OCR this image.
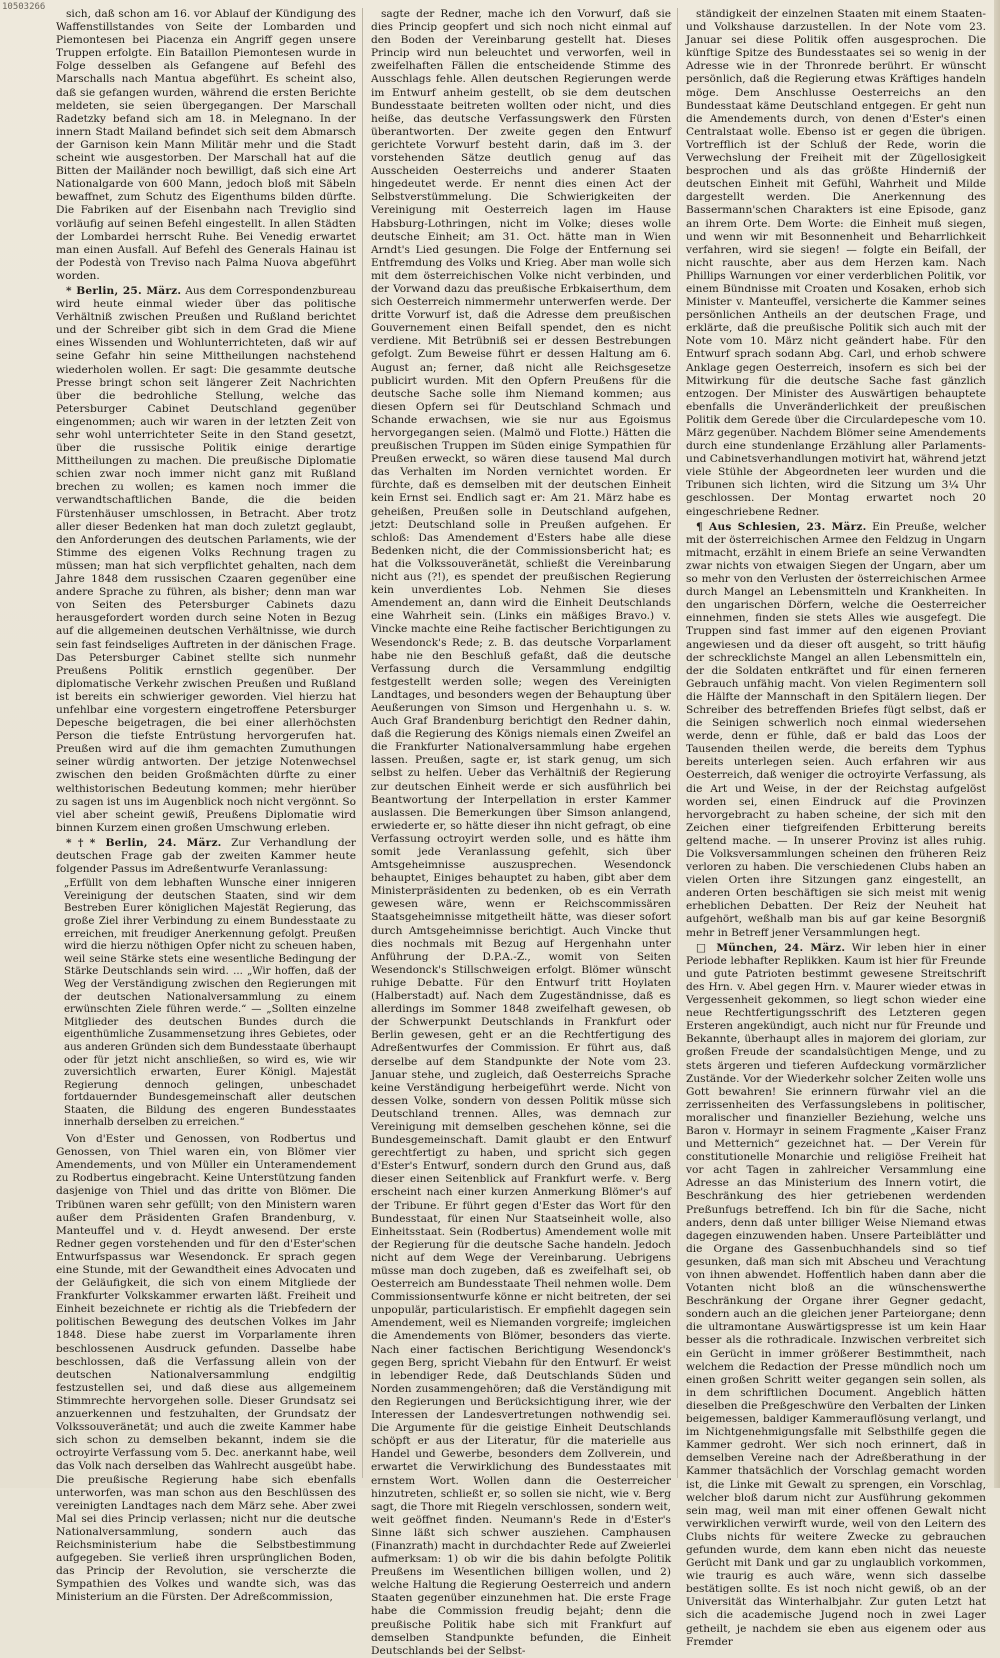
10503266

sich, daß schon am 16. vor Ablauf der Kündigung des Waffenstillstandes von Seite der Lombarden und Piemontesen bei Piacenza ein Angriff gegen unsere Truppen erfolgte. Ein Bataillon Piemontesen wurde in Folge desselben als Gefangene auf Befehl des Marschalls nach Mantua abgeführt. Es scheint also, daß sie gefangen wurden, während die ersten Berichte meldeten, sie seien übergegangen. Der Marschall Radetzky befand sich am 18. in Melegnano. In der innern Stadt Mailand befindet sich seit dem Abmarsch der Garnison kein Mann Militär mehr und die Stadt scheint wie ausgestorben. Der Marschall hat auf die Bitten der Mailänder noch bewilligt, daß sich eine Art Nationalgarde von 600 Mann, jedoch bloß mit Säbeln bewaffnet, zum Schutz des Eigenthums bilden dürfte. Die Fabriken auf der Eisenbahn nach Treviglio sind vorläufig auf seinen Befehl eingestellt. In allen Städten der Lombardei herrscht Ruhe. Bei Venedig erwartet man einen Ausfall. Auf Befehl des Generals Hainau ist der Podestà von Treviso nach Palma Nuova abgeführt worden.

* Berlin, 25. März. Aus dem Correspondenzbureau wird heute einmal wieder über das politische Verhältniß zwischen Preußen und Rußland berichtet und der Schreiber gibt sich in dem Grad die Miene eines Wissenden und Wohlunterrichteten, daß wir auf seine Gefahr hin seine Mittheilungen nachstehend wiederholen wollen. Er sagt: Die gesammte deutsche Presse bringt schon seit längerer Zeit Nachrichten über die bedrohliche Stellung, welche das Petersburger Cabinet Deutschland gegenüber eingenommen; auch wir waren in der letzten Zeit von sehr wohl unterrichteter Seite in den Stand gesetzt, über die russische Politik einige derartige Mittheilungen zu machen. Die preußische Diplomatie schien zwar noch immer nicht ganz mit Rußland brechen zu wollen; es kamen noch immer die verwandtschaftlichen Bande, die die beiden Fürstenhäuser umschlossen, in Betracht. Aber trotz aller dieser Bedenken hat man doch zuletzt geglaubt, den Anforderungen des deutschen Parlaments, wie der Stimme des eigenen Volks Rechnung tragen zu müssen; man hat sich verpflichtet gehalten, nach dem Jahre 1848 dem russischen Czaaren gegenüber eine andere Sprache zu führen, als bisher; denn man war von Seiten des Petersburger Cabinets dazu herausgefordert worden durch seine Noten in Bezug auf die allgemeinen deutschen Verhältnisse, wie durch sein fast feindseliges Auftreten in der dänischen Frage. Das Petersburger Cabinet stellte sich nunmehr Preußens Politik ernstlich gegenüber. Der diplomatische Verkehr zwischen Preußen und Rußland ist bereits ein schwieriger geworden. Viel hierzu hat unfehlbar eine vorgestern eingetroffene Petersburger Depesche beigetragen, die bei einer allerhöchsten Person die tiefste Entrüstung hervorgerufen hat. Preußen wird auf die ihm gemachten Zumuthungen seiner würdig antworten. Der jetzige Notenwechsel zwischen den beiden Großmächten dürfte zu einer welthistorischen Bedeutung kommen; mehr hierüber zu sagen ist uns im Augenblick noch nicht vergönnt. So viel aber scheint gewiß, Preußens Diplomatie wird binnen Kurzem einen großen Umschwung erleben.

*†* Berlin, 24. März. Zur Verhandlung der deutschen Frage gab der zweiten Kammer heute folgender Passus im Adreßentwurfe Veranlassung:

„Erfüllt von dem lebhaften Wunsche einer innigeren Vereinigung der deutschen Staaten, sind wir dem Bestreben Eurer königlichen Majestät Regierung, das große Ziel ihrer Verbindung zu einem Bundesstaate zu erreichen, mit freudiger Anerkennung gefolgt. Preußen wird die hierzu nöthigen Opfer nicht zu scheuen haben, weil seine Stärke stets eine wesentliche Bedingung der Stärke Deutschlands sein wird. ... „Wir hoffen, daß der Weg der Verständigung zwischen den Regierungen mit der deutschen Nationalversammlung zu einem erwünschten Ziele führen werde.“ — „Sollten einzelne Mitglieder des deutschen Bundes durch die eigenthümliche Zusammensetzung ihres Gebietes, oder aus anderen Gründen sich dem Bundesstaate überhaupt oder für jetzt nicht anschließen, so wird es, wie wir zuversichtlich erwarten, Eurer Königl. Majestät Regierung dennoch gelingen, unbeschadet fortdauernder Bundesgemeinschaft aller deutschen Staaten, die Bildung des engeren Bundesstaates innerhalb derselben zu erreichen.“

Von d'Ester und Genossen, von Rodbertus und Genossen, von Thiel waren ein, von Blömer vier Amendements, und von Müller ein Unteramendement zu Rodbertus eingebracht. Keine Unterstützung fanden dasjenige von Thiel und das dritte von Blömer. Die Tribünen waren sehr gefüllt; von den Ministern waren außer dem Präsidenten Grafen Brandenburg, v. Manteuffel und v. d. Heydt anwesend. Der erste Redner gegen vorstehenden und für den d'Ester'schen Entwurfspassus war Wesendonck. Er sprach gegen eine Stunde, mit der Gewandtheit eines Advocaten und der Geläufigkeit, die sich von einem Mitgliede der Frankfurter Volkskammer erwarten läßt. Freiheit und Einheit bezeichnete er richtig als die Triebfedern der politischen Bewegung des deutschen Volkes im Jahr 1848. Diese habe zuerst im Vorparlamente ihren beschlossenen Ausdruck gefunden. Dasselbe habe beschlossen, daß die Verfassung allein von der deutschen Nationalversammlung endgiltig festzustellen sei, und daß diese aus allgemeinem Stimmrechte hervorgehen solle. Dieser Grundsatz sei anzuerkennen und festzuhalten, der Grundsatz der Volkssouveränetät; und auch die zweite Kammer habe sich schon zu demselben bekannt, indem sie die octroyirte Verfassung vom 5. Dec. anerkannt habe, weil das Volk nach derselben das Wahlrecht ausgeübt habe. Die preußische Regierung habe sich ebenfalls unterworfen, was man schon aus den Beschlüssen des vereinigten Landtages nach dem März sehe. Aber zwei Mal sei dies Princip verlassen; nicht nur die deutsche Nationalversammlung, sondern auch das Reichsministerium habe die Selbstbestimmung aufgegeben. Sie verließ ihren ursprünglichen Boden, das Princip der Revolution, sie verscherzte die Sympathien des Volkes und wandte sich, was das Ministerium an die Fürsten. Der Adreßcommission,

sagte der Redner, mache ich den Vorwurf, daß sie dies Princip geopfert und sich noch nicht einmal auf den Boden der Vereinbarung gestellt hat. Dieses Princip wird nun beleuchtet und verworfen, weil in zweifelhaften Fällen die entscheidende Stimme des Ausschlags fehle. Allen deutschen Regierungen werde im Entwurf anheim gestellt, ob sie dem deutschen Bundesstaate beitreten wollten oder nicht, und dies heiße, das deutsche Verfassungswerk den Fürsten überantworten. Der zweite gegen den Entwurf gerichtete Vorwurf besteht darin, daß im 3. der vorstehenden Sätze deutlich genug auf das Ausscheiden Oesterreichs und anderer Staaten hingedeutet werde. Er nennt dies einen Act der Selbstverstümmelung. Die Schwierigkeiten der Vereinigung mit Oesterreich lagen im Hause Habsburg-Lothringen, nicht im Volke; dieses wolle deutsche Einheit; am 31. Oct. hätte man in Wien Arndt's Lied gesungen. Die Folge der Entfernung sei Entfremdung des Volks und Krieg. Aber man wolle sich mit dem österreichischen Volke nicht verbinden, und der Vorwand dazu das preußische Erbkaiserthum, dem sich Oesterreich nimmermehr unterwerfen werde. Der dritte Vorwurf ist, daß die Adresse dem preußischen Gouvernement einen Beifall spendet, den es nicht verdiene. Mit Betrübniß sei er dessen Bestrebungen gefolgt. Zum Beweise führt er dessen Haltung am 6. August an; ferner, daß nicht alle Reichsgesetze publicirt wurden. Mit den Opfern Preußens für die deutsche Sache solle ihm Niemand kommen; aus diesen Opfern sei für Deutschland Schmach und Schande erwachsen, wie sie nur aus Egoismus hervorgegangen seien. (Malmö und Flotte.) Hätten die preußischen Truppen im Süden einige Sympathien für Preußen erweckt, so wären diese tausend Mal durch das Verhalten im Norden vernichtet worden. Er fürchte, daß es demselben mit der deutschen Einheit kein Ernst sei. Endlich sagt er: Am 21. März habe es geheißen, Preußen solle in Deutschland aufgehen, jetzt: Deutschland solle in Preußen aufgehen. Er schloß: Das Amendement d'Esters habe alle diese Bedenken nicht, die der Commissionsbericht hat; es hat die Volkssouveränetät, schließt die Vereinbarung nicht aus (?!), es spendet der preußischen Regierung kein unverdientes Lob. Nehmen Sie dieses Amendement an, dann wird die Einheit Deutschlands eine Wahrheit sein. (Links ein mäßiges Bravo.) v. Vincke machte eine Reihe factischer Berichtigungen zu Wesendonck's Rede; z. B. das deutsche Vorparlament habe nie den Beschluß gefaßt, daß die deutsche Verfassung durch die Versammlung endgiltig festgestellt werden solle; wegen des Vereinigten Landtages, und besonders wegen der Behauptung über Aeußerungen von Simson und Hergenhahn u. s. w. Auch Graf Brandenburg berichtigt den Redner dahin, daß die Regierung des Königs niemals einen Zweifel an die Frankfurter Nationalversammlung habe ergehen lassen. Preußen, sagte er, ist stark genug, um sich selbst zu helfen. Ueber das Verhältniß der Regierung zur deutschen Einheit werde er sich ausführlich bei Beantwortung der Interpellation in erster Kammer auslassen. Die Bemerkungen über Simson anlangend, erwiederte er, so hätte dieser ihn nicht gefragt, ob eine Verfassung octroyirt werden solle, und es hätte ihm somit jede Veranlassung gefehlt, sich über Amtsgeheimnisse auszusprechen. Wesendonck behauptet, Einiges behauptet zu haben, gibt aber dem Ministerpräsidenten zu bedenken, ob es ein Verrath gewesen wäre, wenn er Reichscommissären Staatsgeheimnisse mitgetheilt hätte, was dieser sofort durch Amtsgeheimnisse berichtigt. Auch Vincke thut dies nochmals mit Bezug auf Hergenhahn unter Anführung der D.P.A.-Z., womit von Seiten Wesendonck's Stillschweigen erfolgt. Blömer wünscht ruhige Debatte. Für den Entwurf tritt Hoylaten (Halberstadt) auf. Nach dem Zugeständnisse, daß es allerdings im Sommer 1848 zweifelhaft gewesen, ob der Schwerpunkt Deutschlands in Frankfurt oder Berlin gewesen, geht er an die Rechtfertigung des Adreßentwurfes der Commission. Er führt aus, daß derselbe auf dem Standpunkte der Note vom 23. Januar stehe, und zugleich, daß Oesterreichs Sprache keine Verständigung herbeigeführt werde. Nicht von dessen Volke, sondern von dessen Politik müsse sich Deutschland trennen. Alles, was demnach zur Vereinigung mit demselben geschehen könne, sei die Bundesgemeinschaft. Damit glaubt er den Entwurf gerechtfertigt zu haben, und spricht sich gegen d'Ester's Entwurf, sondern durch den Grund aus, daß dieser einen Seitenblick auf Frankfurt werfe. v. Berg erscheint nach einer kurzen Anmerkung Blömer's auf der Tribune. Er führt gegen d'Ester das Wort für den Bundesstaat, für einen Nur Staatseinheit wolle, also Einheitsstaat. Sein (Rodbertus) Amendement wolle mit der Regierung für die deutsche Sache handeln. Jedoch nicht auf dem Wege der Vereinbarung. Uebrigens müsse man doch zugeben, daß es zweifelhaft sei, ob Oesterreich am Bundesstaate Theil nehmen wolle. Dem Commissionsentwurfe könne er nicht beitreten, der sei unpopulär, particularistisch. Er empfiehlt dagegen sein Amendement, weil es Niemanden vorgreife; imgleichen die Amendements von Blömer, besonders das vierte. Nach einer factischen Berichtigung Wesendonck's gegen Berg, spricht Viebahn für den Entwurf. Er weist in lebendiger Rede, daß Deutschlands Süden und Norden zusammengehören; daß die Verständigung mit den Regierungen und Berücksichtigung ihrer, wie der Interessen der Landesvertretungen nothwendig sei. Die Argumente für die geistige Einheit Deutschlands schöpft er aus der Literatur, für die materielle aus Handel und Gewerbe, besonders dem Zollverein, und erwartet die Verwirklichung des Bundesstaates mit ernstem Wort. Wollen dann die Oesterreicher hinzutreten, schließt er, so sollen sie nicht, wie v. Berg sagt, die Thore mit Riegeln verschlossen, sondern weit, weit geöffnet finden. Neumann's Rede in d'Ester's Sinne läßt sich schwer ausziehen. Camphausen (Finanzrath) macht in durchdachter Rede auf Zweierlei aufmerksam: 1) ob wir die bis dahin befolgte Politik Preußens im Wesentlichen billigen wollen, und 2) welche Haltung die Regierung Oesterreich und andern Staaten gegenüber einzunehmen hat. Die erste Frage habe die Commission freudig bejaht; denn die preußische Politik habe sich mit Frankfurt auf demselben Standpunkte befunden, die Einheit Deutschlands bei der Selbst-

ständigkeit der einzelnen Staaten mit einem Staaten- und Volkshause darzustellen. In der Note vom 23. Januar sei diese Politik offen ausgesprochen. Die künftige Spitze des Bundesstaates sei so wenig in der Adresse wie in der Thronrede berührt. Er wünscht persönlich, daß die Regierung etwas Kräftiges handeln möge. Dem Anschlusse Oesterreichs an den Bundesstaat käme Deutschland entgegen. Er geht nun die Amendements durch, von denen d'Ester's einen Centralstaat wolle. Ebenso ist er gegen die übrigen. Vortrefflich ist der Schluß der Rede, worin die Verwechslung der Freiheit mit der Zügellosigkeit besprochen und als das größte Hinderniß der deutschen Einheit mit Gefühl, Wahrheit und Milde dargestellt werden. Die Anerkennung des Bassermann'schen Charakters ist eine Episode, ganz an ihrem Orte. Dem Worte: die Einheit muß siegen, und wenn wir mit Besonnenheit und Beharrlichkeit verfahren, wird sie siegen! — folgte ein Beifall, der nicht rauschte, aber aus dem Herzen kam. Nach Phillips Warnungen vor einer verderblichen Politik, vor einem Bündnisse mit Croaten und Kosaken, erhob sich Minister v. Manteuffel, versicherte die Kammer seines persönlichen Antheils an der deutschen Frage, und erklärte, daß die preußische Politik sich auch mit der Note vom 10. März nicht geändert habe. Für den Entwurf sprach sodann Abg. Carl, und erhob schwere Anklage gegen Oesterreich, insofern es sich bei der Mitwirkung für die deutsche Sache fast gänzlich entzogen. Der Minister des Auswärtigen behauptete ebenfalls die Unveränderlichkeit der preußischen Politik dem Gerede über die Circulardepesche vom 10. März gegenüber. Nachdem Blömer seine Amendements durch eine stundenlange Erzählung aller Parlaments- und Cabinetsverhandlungen motivirt hat, während jetzt viele Stühle der Abgeordneten leer wurden und die Tribunen sich lichten, wird die Sitzung um 3¼ Uhr geschlossen. Der Montag erwartet noch 20 eingeschriebene Redner.

¶ Aus Schlesien, 23. März. Ein Preuße, welcher mit der österreichischen Armee den Feldzug in Ungarn mitmacht, erzählt in einem Briefe an seine Verwandten zwar nichts von etwaigen Siegen der Ungarn, aber um so mehr von den Verlusten der österreichischen Armee durch Mangel an Lebensmitteln und Krankheiten. In den ungarischen Dörfern, welche die Oesterreicher einnehmen, finden sie stets Alles wie ausgefegt. Die Truppen sind fast immer auf den eigenen Proviant angewiesen und da dieser oft ausgeht, so tritt häufig der schrecklichste Mangel an allen Lebensmitteln ein, der die Soldaten entkräftet und für einen ferneren Gebrauch unfähig macht. Von vielen Regimentern soll die Hälfte der Mannschaft in den Spitälern liegen. Der Schreiber des betreffenden Briefes fügt selbst, daß er die Seinigen schwerlich noch einmal wiedersehen werde, denn er fühle, daß er bald das Loos der Tausenden theilen werde, die bereits dem Typhus bereits unterlegen seien. Auch erfahren wir aus Oesterreich, daß weniger die octroyirte Verfassung, als die Art und Weise, in der der Reichstag aufgelöst worden sei, einen Eindruck auf die Provinzen hervorgebracht zu haben scheine, der sich mit den Zeichen einer tiefgreifenden Erbitterung bereits geltend mache. — In unserer Provinz ist alles ruhig. Die Volksversammlungen scheinen den früheren Reiz verloren zu haben. Die verschiedenen Clubs haben an vielen Orten ihre Sitzungen ganz eingestellt, an anderen Orten beschäftigen sie sich meist mit wenig erheblichen Debatten. Der Reiz der Neuheit hat aufgehört, weßhalb man bis auf gar keine Besorgniß mehr in Betreff jener Versammlungen hegt.

□ München, 24. März. Wir leben hier in einer Periode lebhafter Replikken. Kaum ist hier für Freunde und gute Patrioten bestimmt gewesene Streitschrift des Hrn. v. Abel gegen Hrn. v. Maurer wieder etwas in Vergessenheit gekommen, so liegt schon wieder eine neue Rechtfertigungsschrift des Letzteren gegen Ersteren angekündigt, auch nicht nur für Freunde und Bekannte, überhaupt alles in majorem dei gloriam, zur großen Freude der scandalsüchtigen Menge, und zu stets ärgeren und tieferen Aufdeckung vormärzlicher Zustände. Vor der Wiederkehr solcher Zeiten wolle uns Gott bewahren! Sie erinnern fürwahr viel an die zerrissenheiten des Verfassungslebens in politischer, moralischer und finanzieller Beziehung, welche uns Baron v. Hormayr in seinem Fragmente „Kaiser Franz und Metternich“ gezeichnet hat. — Der Verein für constitutionelle Monarchie und religiöse Freiheit hat vor acht Tagen in zahlreicher Versammlung eine Adresse an das Ministerium des Innern votirt, die Beschränkung des hier getriebenen werdenden Preßunfugs betreffend. Ich bin für die Sache, nicht anders, denn daß unter billiger Weise Niemand etwas dagegen einzuwenden haben. Unsere Parteiblätter und die Organe des Gassenbuchhandels sind so tief gesunken, daß man sich mit Abscheu und Verachtung von ihnen abwendet. Hoffentlich haben dann aber die Votanten nicht bloß an die wünschenswerthe Beschränkung der Organe ihrer Gegner gedacht, sondern auch an die gleichen jener Parteiorgane; denn die ultramontane Auswärtigspresse ist um kein Haar besser als die rothradicale. Inzwischen verbreitet sich ein Gerücht in immer größerer Bestimmtheit, nach welchem die Redaction der Presse mündlich noch um einen großen Schritt weiter gegangen sein sollen, als in dem schriftlichen Document. Angeblich hätten dieselben die Preßgeschwüre den Verbalten der Linken beigemessen, baldiger Kammerauflösung verlangt, und im Nichtgenehmigungsfalle mit Selbsthilfe gegen die Kammer gedroht. Wer sich noch erinnert, daß in demselben Vereine nach der Adreßberathung in der Kammer thatsächlich der Vorschlag gemacht worden ist, die Linke mit Gewalt zu sprengen, ein Vorschlag, welcher bloß darum nicht zur Ausführung gekommen sein mag, weil man mit einer offenen Gewalt nicht verwirklichen verwirft wurde, weil von den Leitern des Clubs nichts für weitere Zwecke zu gebrauchen gefunden wurde, dem kann eben nicht das neueste Gerücht mit Dank und gar zu unglaublich vorkommen, wie traurig es auch wäre, wenn sich dasselbe bestätigen sollte. Es ist noch nicht gewiß, ob an der Universität das Winterhalbjahr. Zur guten Letzt hat sich die academische Jugend noch in zwei Lager getheilt, je nachdem sie eben aus eigenem oder aus Fremder
